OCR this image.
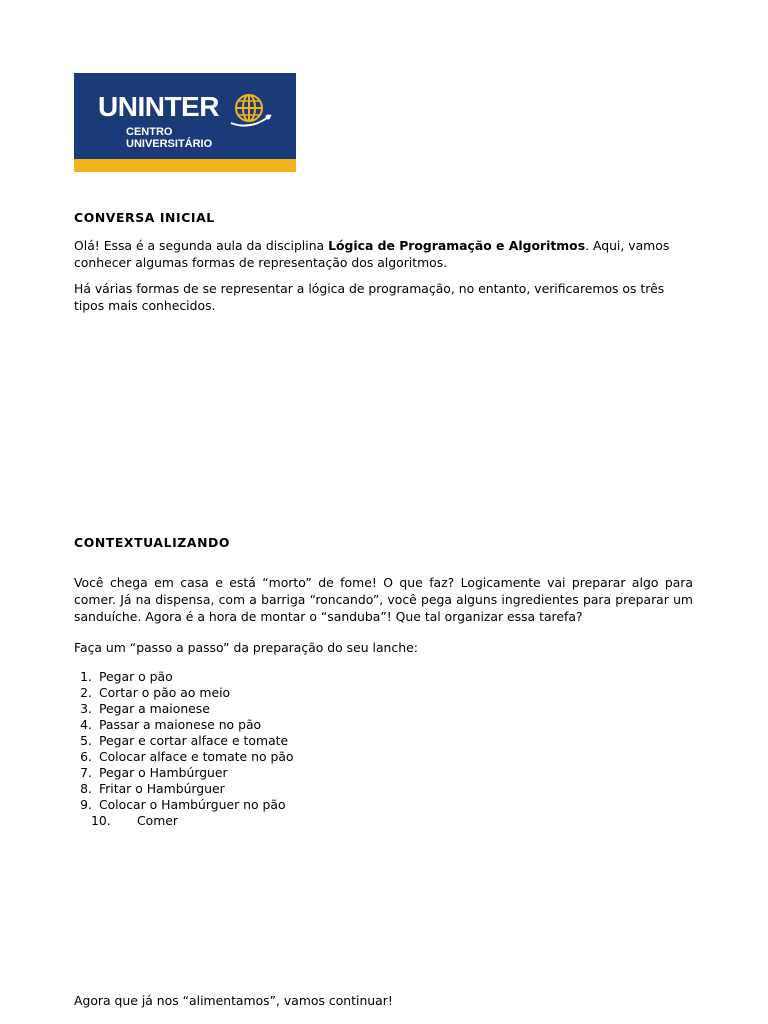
UNINTER
CENTRO
UNIVERSITÁRIO
CONVERSA INICIAL

Olá! Essa é a segunda aula da disciplina Lógica de Programação e Algoritmos. Aqui, vamos conhecer algumas formas de representação dos algoritmos.

Há várias formas de se representar a lógica de programação, no entanto, verificaremos os três tipos mais conhecidos.

CONTEXTUALIZANDO

Você chega em casa e está “morto” de fome! O que faz? Logicamente vai preparar algo para comer. Já na dispensa, com a barriga “roncando”, você pega alguns ingredientes para preparar um sanduíche. Agora é a hora de montar o “sanduba”! Que tal organizar essa tarefa?

Faça um “passo a passo” da preparação do seu lanche:

1. Pegar o pão
2. Cortar o pão ao meio
3. Pegar a maionese
4. Passar a maionese no pão
5. Pegar e cortar alface e tomate
6. Colocar alface e tomate no pão
7. Pegar o Hambúrguer
8. Fritar o Hambúrguer
9. Colocar o Hambúrguer no pão
10. Comer

Agora que já nos “alimentamos”, vamos continuar!
